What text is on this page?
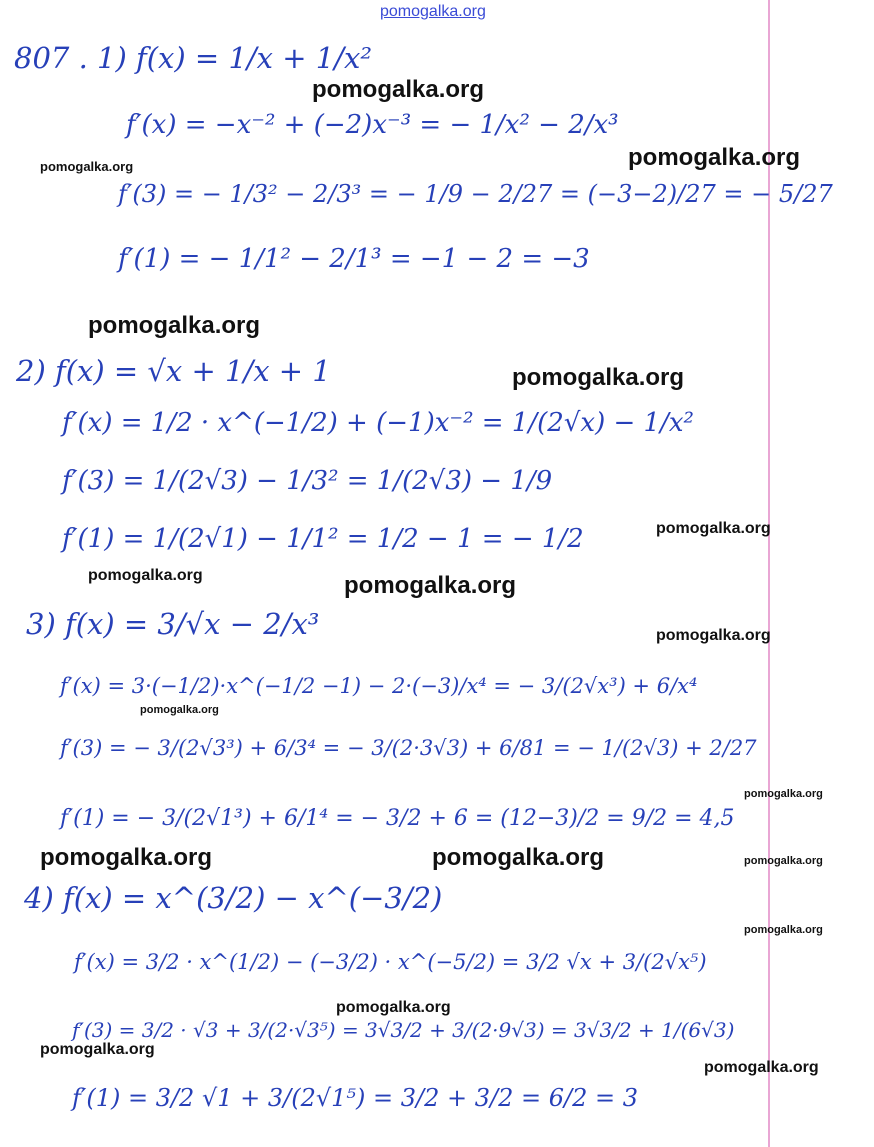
807 . 1) f(x) = 1/x + 1/x²
f′(x) = −x⁻² + (−2)x⁻³ = − 1/x² − 2/x³
f′(3) = − 1/3² − 2/3³ = − 1/9 − 2/27 = (−3−2)/27 = − 5/27
f′(1) = − 1/1² − 2/1³ = −1 − 2 = −3
2) f(x) = √x + 1/x + 1
f′(x) = 1/2 · x^(−1/2) + (−1)x⁻² = 1/(2√x) − 1/x²
f′(3) = 1/(2√3) − 1/3² = 1/(2√3) − 1/9
f′(1) = 1/(2√1) − 1/1² = 1/2 − 1 = − 1/2
3) f(x) = 3/√x − 2/x³
f′(x) = 3·(−1/2)·x^(−1/2 −1) − 2·(−3)/x⁴ = − 3/(2√x³) + 6/x⁴
f′(3) = − 3/(2√3³) + 6/3⁴ = − 3/(2·3√3) + 6/81 = − 1/(2√3) + 2/27
f′(1) = − 3/(2√1³) + 6/1⁴ = − 3/2 + 6 = (12−3)/2 = 9/2 = 4,5
4) f(x) = x^(3/2) − x^(−3/2)
f′(x) = 3/2 · x^(1/2) − (−3/2) · x^(−5/2) = 3/2 √x + 3/(2√x⁵)
f′(3) = 3/2 · √3 + 3/(2·√3⁵) = 3√3/2 + 3/(2·9√3) = 3√3/2 + 1/(6√3)
f′(1) = 3/2 √1 + 3/(2√1⁵) = 3/2 + 3/2 = 6/2 = 3
pomogalka.org
pomogalka.org
pomogalka.org
pomogalka.org
pomogalka.org
pomogalka.org
pomogalka.org
pomogalka.org	pomogalka.org
pomogalka.org
pomogalka.org
pomogalka.org
pomogalka.org	pomogalka.org	pomogalka.org
pomogalka.org
pomogalka.org
pomogalka.org
pomogalka.org
